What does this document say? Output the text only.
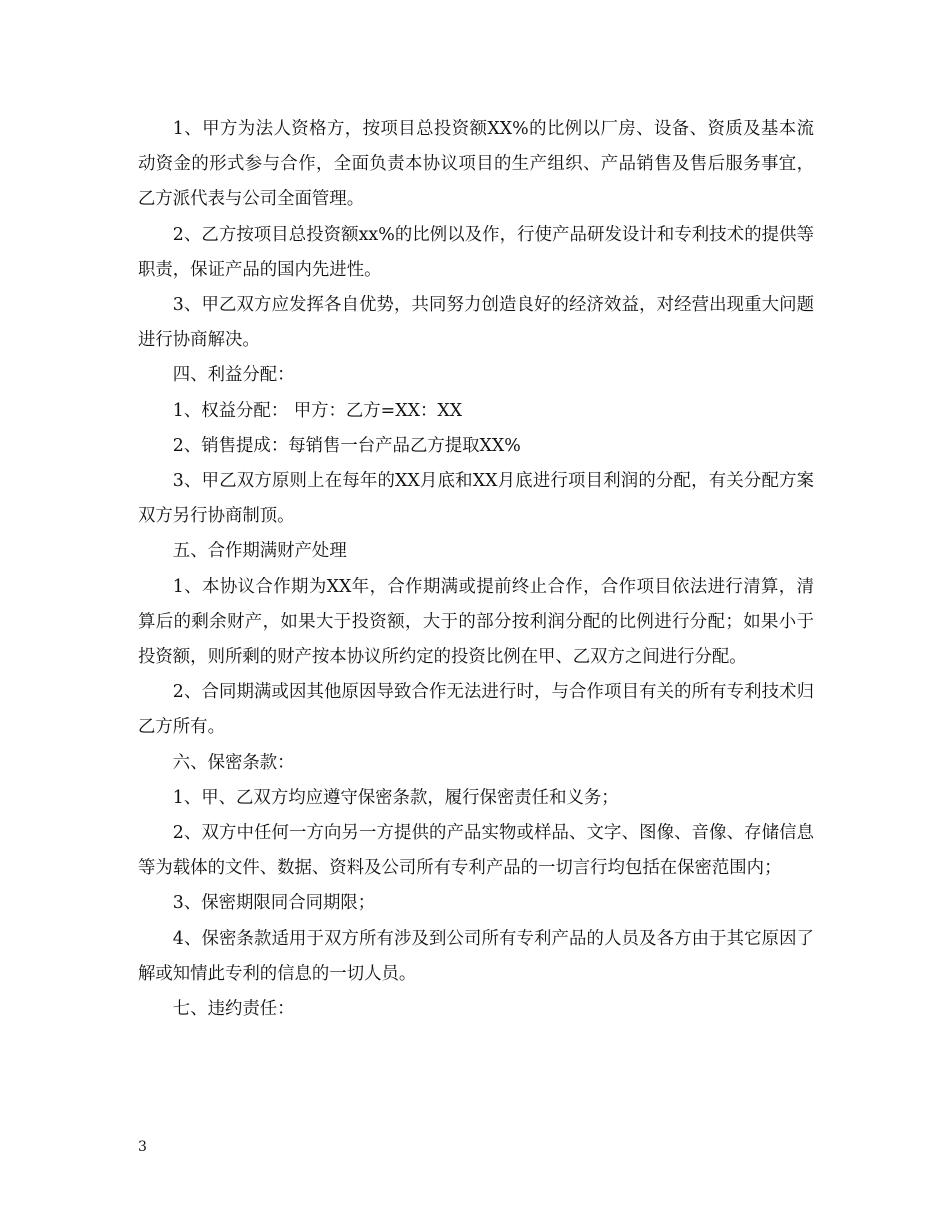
1、甲方为法人资格方，按项目总投资额XX%的比例以厂房、设备、资质及基本流动资金的形式参与合作，全面负责本协议项目的生产组织、产品销售及售后服务事宜，乙方派代表与公司全面管理。

2、乙方按项目总投资额xx%的比例以及作，行使产品研发设计和专利技术的提供等职责，保证产品的国内先进性。

3、甲乙双方应发挥各自优势，共同努力创造良好的经济效益，对经营出现重大问题进行协商解决。

四、利益分配：

1、权益分配： 甲方：乙方=XX：XX

2、销售提成：每销售一台产品乙方提取XX%

3、甲乙双方原则上在每年的XX月底和XX月底进行项目利润的分配，有关分配方案双方另行协商制顶。

五、合作期满财产处理

1、本协议合作期为XX年，合作期满或提前终止合作，合作项目依法进行清算，清算后的剩余财产，如果大于投资额，大于的部分按利润分配的比例进行分配；如果小于投资额，则所剩的财产按本协议所约定的投资比例在甲、乙双方之间进行分配。

2、合同期满或因其他原因导致合作无法进行时，与合作项目有关的所有专利技术归乙方所有。

六、保密条款：

1、甲、乙双方均应遵守保密条款，履行保密责任和义务；

2、双方中任何一方向另一方提供的产品实物或样品、文字、图像、音像、存储信息等为载体的文件、数据、资料及公司所有专利产品的一切言行均包括在保密范围内；

3、保密期限同合同期限；

4、保密条款适用于双方所有涉及到公司所有专利产品的人员及各方由于其它原因了解或知情此专利的信息的一切人员。

七、违约责任：

3
